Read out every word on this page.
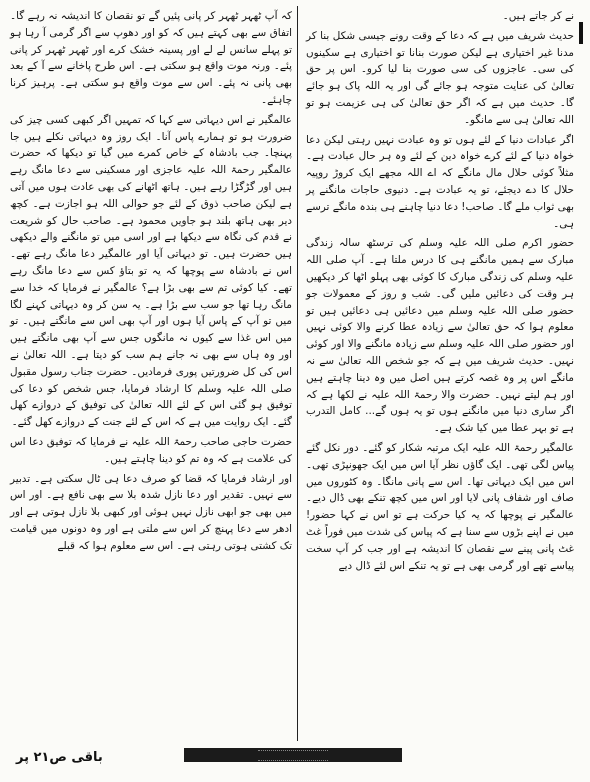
نے کر جاتے ہیں۔

حدیث شریف میں ہے کہ دعا کے وقت رونے جیسی شکل بنا کر مدنا غیر اختیاری ہے لیکن صورت بنانا تو اختیاری ہے سکینوں کی سی۔ عاجزوں کی سی صورت بنا لیا کرو۔ اس پر حق تعالیٰ کی عنایت متوجہ ہو جائے گی اور یہ اللہ پاک ہو جائے گا۔ حدیث میں ہے کہ اگر حق تعالیٰ کی ہی عزیمت ہو تو اللہ تعالیٰ ہی سے مانگو۔

اگر عبادات دنیا کے لئے ہوں تو وہ عبادت نہیں رہتی لیکن دعا خواہ دنیا کے لئے کرے خواہ دین کے لئے وہ ہر حال عبادت ہے۔ مثلاً کوئی حلال مال مانگے کہ اے اللہ مجھے ایک کروڑ روپیہ حلال کا دے دیجئے، تو یہ عبادت ہے۔ دنیوی حاجات مانگنے پر بھی ثواب ملے گا۔ صاحب! دعا دنیا چاہنے ہی بندہ مانگے ترسے ہی۔

حضور اکرم صلی اللہ علیہ وسلم کی ترسٹھ سالہ زندگی مبارک سے ہمیں مانگنے ہی کا درس ملتا ہے۔ آپ صلی اللہ علیہ وسلم کی زندگی مبارک کا کوئی بھی پہلو اٹھا کر دیکھیں ہر وقت کی دعائیں ملیں گی۔ شب و روز کے معمولات جو حضور صلی اللہ علیہ وسلم میں دعائیں ہی دعائیں ہیں تو معلوم ہوا کہ حق تعالیٰ سے زیادہ عطا کرنے والا کوئی نہیں اور حضور صلی اللہ علیہ وسلم سے زیادہ مانگنے والا اور کوئی نہیں۔ حدیث شریف میں ہے کہ جو شخص اللہ تعالیٰ سے نہ مانگے اس پر وہ غصہ کرتے ہیں اصل میں وہ دینا چاہتے ہیں اور ہم لیتے نہیں۔ حضرت والا رحمۃ اللہ علیہ نے لکھا ہے کہ اگر ساری دنیا میں مانگنے ہوں تو یہ ہوں گے... کامل التدرب ہے تو بہر عطا میں کیا شک ہے۔

عالمگیر رحمۃ اللہ علیہ ایک مرتبہ شکار کو گئے۔ دور نکل گئے پیاس لگی تھی۔ ایک گاؤں نظر آیا اس میں ایک جھونپڑی تھی۔ اس میں ایک دیہاتی تھا۔ اس سے پانی مانگا۔ وہ کٹوروں میں صاف اور شفاف پانی لایا اور اس میں کچھ تنکے بھی ڈال دیے۔ عالمگیر نے پوچھا کہ یہ کیا حرکت ہے تو اس نے کہا حضور! میں نے اپنے بڑوں سے سنا ہے کہ پیاس کی شدت میں فوراً غٹ غٹ پانی پینے سے نقصان کا اندیشہ ہے اور جب کر آپ سخت پیاسے تھے اور گرمی بھی ہے تو یہ تنکے اس لئے ڈال دیے

کہ آپ ٹھہر ٹھہر کر پانی پئیں گے تو نقصان کا اندیشہ نہ رہے گا۔ اتفاق سے بھی کہتے ہیں کہ کو اور دھوپ سے اگر گرمی آ رہا ہو تو پہلے سانس لے لے اور پسینہ خشک کرے اور ٹھہر ٹھہر کر پانی پئے۔ ورنہ موت واقع ہو سکتی ہے۔ اس طرح پاخانے سے آ کے بعد بھی پانی نہ پئے۔ اس سے موت واقع ہو سکتی ہے۔ پرہیز کرنا چاہئے۔

عالمگیر نے اس دیہاتی سے کہا کہ تمہیں اگر کبھی کسی چیز کی ضرورت ہو تو ہمارے پاس آنا۔ ایک روز وہ دیہاتی نکلے ہیں جا پہنچا۔ جب بادشاہ کے خاص کمرے میں گیا تو دیکھا کہ حضرت عالمگیر رحمۃ اللہ علیہ عاجزی اور مسکینی سے دعا مانگ رہے ہیں اور گڑگڑا رہے ہیں۔ ہاتھ اٹھانے کی بھی عادت ہوں میں آتی ہے لیکن صاحب ذوق کے لئے جو حوالی اللہ ہو اجازت ہے۔ کچھ دیر بھی ہاتھ بلند ہو جاویں محمود ہے۔ صاحب حال کو شریعت نے قدم کی نگاہ سے دیکھا ہے اور اسی میں تو مانگنے والے دیکھی ہیں حضرت ہیں۔ تو دیہاتی آیا اور عالمگیر دعا مانگ رہے تھے۔ اس نے بادشاہ سے پوچھا کہ یہ تو بتاؤ کس سے دعا مانگ رہے تھے۔ کیا کوئی تم سے بھی بڑا ہے؟ عالمگیر نے فرمایا کہ خدا سے مانگ رہا تھا جو سب سے بڑا ہے۔ یہ سن کر وہ دیہاتی کہنے لگا میں تو آپ کے پاس آیا ہوں اور آپ بھی اس سے مانگتے ہیں۔ تو میں اس غذا سے کیوں نہ مانگوں جس سے آپ بھی مانگتے ہیں اور وہ ہاں سے بھی نہ جانے ہم سب کو دیتا ہے۔ اللہ تعالیٰ نے اس کی کل ضرورتیں پوری فرمادیں۔ حضرت جناب رسول مقبول صلی اللہ علیہ وسلم کا ارشاد فرمایا، جس شخص کو دعا کی توفیق ہو گئی اس کے لئے اللہ تعالیٰ کی توفیق کے دروازے کھل گئے۔ ایک روایت میں ہے کہ اس کے لئے جنت کے دروازے کھل گئے۔

حضرت حاجی صاحب رحمۃ اللہ علیہ نے فرمایا کہ توفیق دعا اس کی علامت ہے کہ وہ تم کو دینا چاہتے ہیں۔

اور ارشاد فرمایا کہ قضا کو صرف دعا ہی ٹال سکتی ہے۔ تدبیر سے نہیں۔ تقدیر اور دعا نازل شدہ بلا سے بھی نافع ہے۔ اور اس میں بھی جو ابھی نازل نہیں ہوئی اور کبھی بلا نازل ہوتی ہے اور ادھر سے دعا پہنچ کر اس سے ملتی ہے اور وہ دونوں میں قیامت تک کشتی ہوتی رہتی ہے۔ اس سے معلوم ہوا کہ قبلے

باقی ص۲۱ پر
